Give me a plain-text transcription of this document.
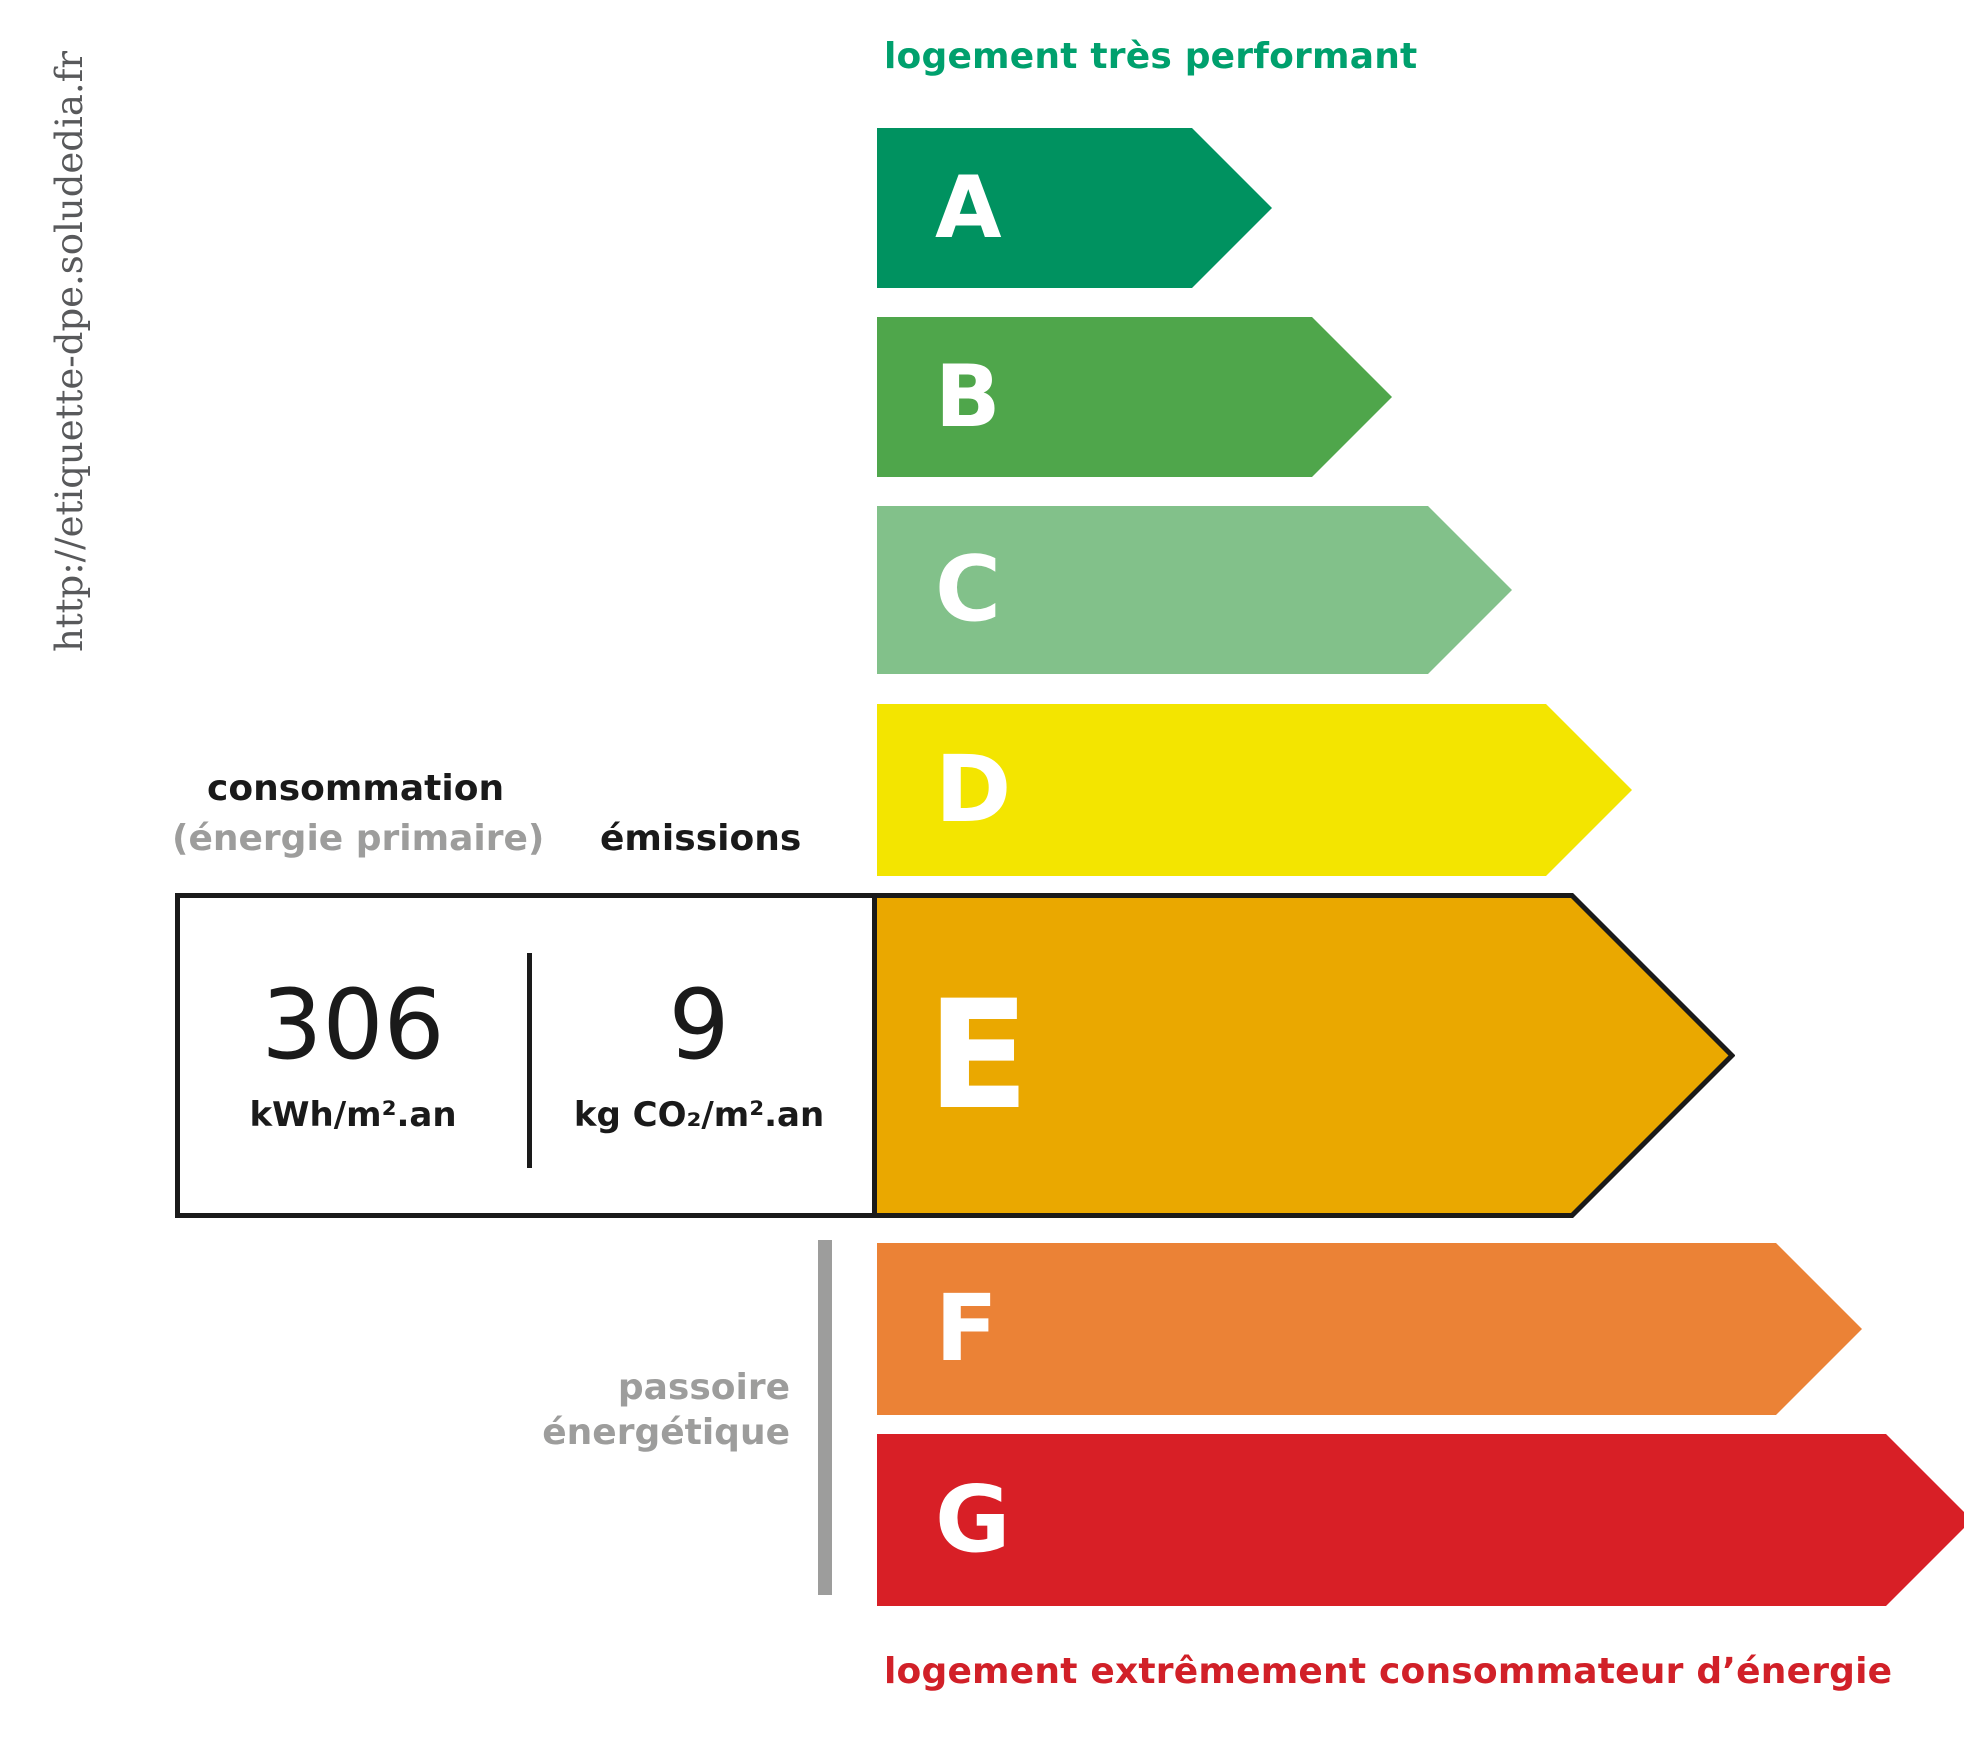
http://etiquette-dpe.soludedia.fr	logement très performant
A
B
C
D
E
306
kWh/m².an
9
kg CO₂/m².an
consommation
(énergie primaire) émissions
F
G
passoire
énergétique
logement extrêmement consommateur d’énergie
